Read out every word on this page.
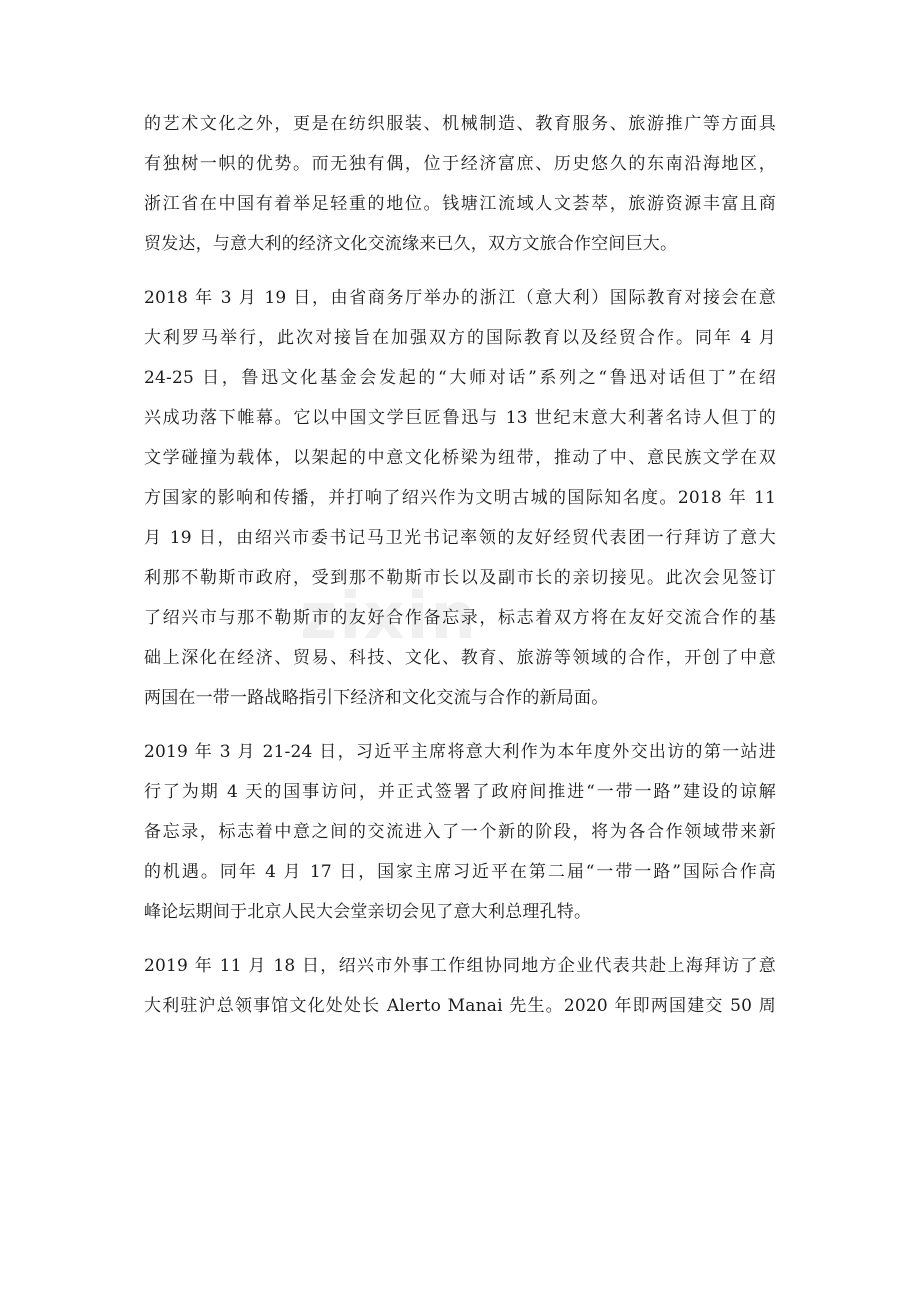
zixin
的艺术文化之外，更是在纺织服装、机械制造、教育服务、旅游推广等方面具
有独树一帜的优势。而无独有偶，位于经济富庶、历史悠久的东南沿海地区，
浙江省在中国有着举足轻重的地位。钱塘江流域人文荟萃，旅游资源丰富且商
贸发达，与意大利的经济文化交流缘来已久，双方文旅合作空间巨大。
2018 年 3 月 19 日，由省商务厅举办的浙江（意大利）国际教育对接会在意
大利罗马举行，此次对接旨在加强双方的国际教育以及经贸合作。同年 4 月
24-25 日，鲁迅文化基金会发起的“大师对话”系列之“鲁迅对话但丁”在绍
兴成功落下帷幕。它以中国文学巨匠鲁迅与 13 世纪末意大利著名诗人但丁的
文学碰撞为载体，以架起的中意文化桥梁为纽带，推动了中、意民族文学在双
方国家的影响和传播，并打响了绍兴作为文明古城的国际知名度。2018 年 11
月 19 日，由绍兴市委书记马卫光书记率领的友好经贸代表团一行拜访了意大
利那不勒斯市政府，受到那不勒斯市长以及副市长的亲切接见。此次会见签订
了绍兴市与那不勒斯市的友好合作备忘录，标志着双方将在友好交流合作的基
础上深化在经济、贸易、科技、文化、教育、旅游等领域的合作，开创了中意
两国在一带一路战略指引下经济和文化交流与合作的新局面。
2019 年 3 月 21-24 日，习近平主席将意大利作为本年度外交出访的第一站进
行了为期 4 天的国事访问，并正式签署了政府间推进“一带一路”建设的谅解
备忘录，标志着中意之间的交流进入了一个新的阶段，将为各合作领域带来新
的机遇。同年 4 月 17 日，国家主席习近平在第二届“一带一路”国际合作高
峰论坛期间于北京人民大会堂亲切会见了意大利总理孔特。
2019 年 11 月 18 日，绍兴市外事工作组协同地方企业代表共赴上海拜访了意
大利驻沪总领事馆文化处处长 Alerto Manai 先生。2020 年即两国建交 50 周
